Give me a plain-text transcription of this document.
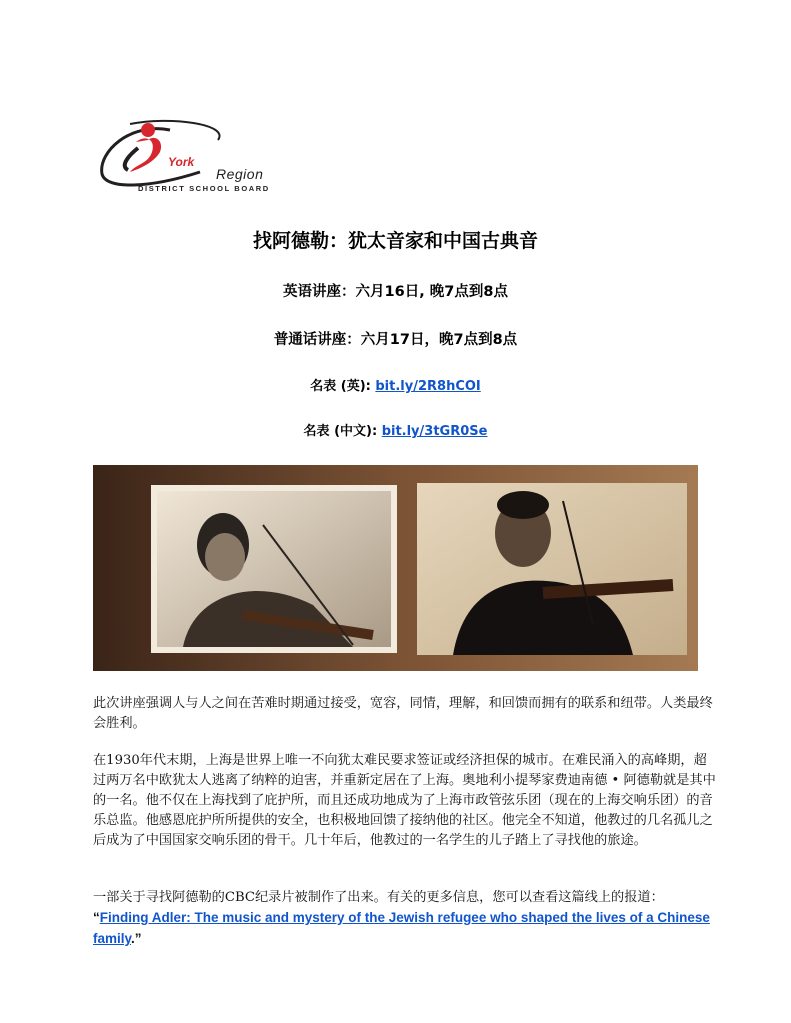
York
Region
DISTRICT SCHOOL BOARD
找阿德勒：犹太音家和中国古典音
英语讲座：六月16日, 晚7点到8点
普通话讲座：六月17日，晚7点到8点
名表 (英): bit.ly/2R8hCOI
名表 (中文): bit.ly/3tGR0Se
此次讲座强调人与人之间在苦难时期通过接受，宽容，同情，理解，和回馈而拥有的联系和纽带。人类最终会胜利。
在1930年代末期，上海是世界上唯一不向犹太难民要求签证或经济担保的城市。在难民涌入的高峰期，超过两万名中欧犹太人逃离了纳粹的迫害，并重新定居在了上海。奥地利小提琴家费迪南德 • 阿德勒就是其中的一名。他不仅在上海找到了庇护所，而且还成功地成为了上海市政管弦乐团（现在的上海交响乐团）的音乐总监。他感恩庇护所所提供的安全，也积极地回馈了接纳他的社区。他完全不知道，他教过的几名孤儿之后成为了中国国家交响乐团的骨干。几十年后，他教过的一名学生的儿子踏上了寻找他的旅途。
一部关于寻找阿德勒的CBC纪录片被制作了出来。有关的更多信息，您可以查看这篇线上的报道：
“Finding Adler: The music and mystery of the Jewish refugee who shaped the lives of a Chinese family.”
